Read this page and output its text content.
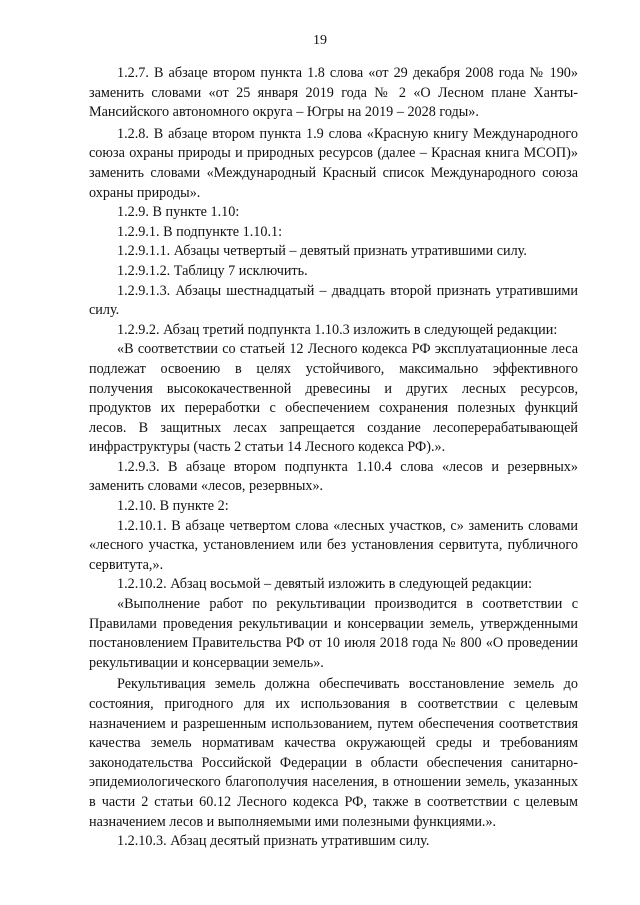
19

1.2.7. В абзаце втором пункта 1.8 слова «от 29 декабря 2008 года № 190» заменить словами «от 25 января 2019 года № 2 «О Лесном плане Ханты-Мансийского автономного округа – Югры на 2019 – 2028 годы».

1.2.8. В абзаце втором пункта 1.9 слова «Красную книгу Международного союза охраны природы и природных ресурсов (далее – Красная книга МСОП)» заменить словами «Международный Красный список Международного союза охраны природы».

1.2.9. В пункте 1.10:

1.2.9.1. В подпункте 1.10.1:

1.2.9.1.1. Абзацы четвертый – девятый признать утратившими силу.

1.2.9.1.2. Таблицу 7 исключить.

1.2.9.1.3. Абзацы шестнадцатый – двадцать второй признать утратившими силу.

1.2.9.2. Абзац третий подпункта 1.10.3 изложить в следующей редакции:

«В соответствии со статьей 12 Лесного кодекса РФ эксплуатационные леса подлежат освоению в целях устойчивого, максимально эффективного получения высококачественной древесины и других лесных ресурсов, продуктов их переработки с обеспечением сохранения полезных функций лесов. В защитных лесах запрещается создание лесоперерабатывающей инфраструктуры (часть 2 статьи 14 Лесного кодекса РФ).».

1.2.9.3. В абзаце втором подпункта 1.10.4 слова «лесов и резервных» заменить словами «лесов, резервных».

1.2.10. В пункте 2:

1.2.10.1. В абзаце четвертом слова «лесных участков, с» заменить словами «лесного участка, установлением или без установления сервитута, публичного сервитута,».

1.2.10.2. Абзац восьмой – девятый изложить в следующей редакции:

«Выполнение работ по рекультивации производится в соответствии с Правилами проведения рекультивации и консервации земель, утвержденными постановлением Правительства РФ от 10 июля 2018 года № 800 «О проведении рекультивации и консервации земель».

Рекультивация земель должна обеспечивать восстановление земель до состояния, пригодного для их использования в соответствии с целевым назначением и разрешенным использованием, путем обеспечения соответствия качества земель нормативам качества окружающей среды и требованиям законодательства Российской Федерации в области обеспечения санитарно-эпидемиологического благополучия населения, в отношении земель, указанных в части 2 статьи 60.12 Лесного кодекса РФ, также в соответствии с целевым назначением лесов и выполняемыми ими полезными функциями.».

1.2.10.3. Абзац десятый признать утратившим силу.
